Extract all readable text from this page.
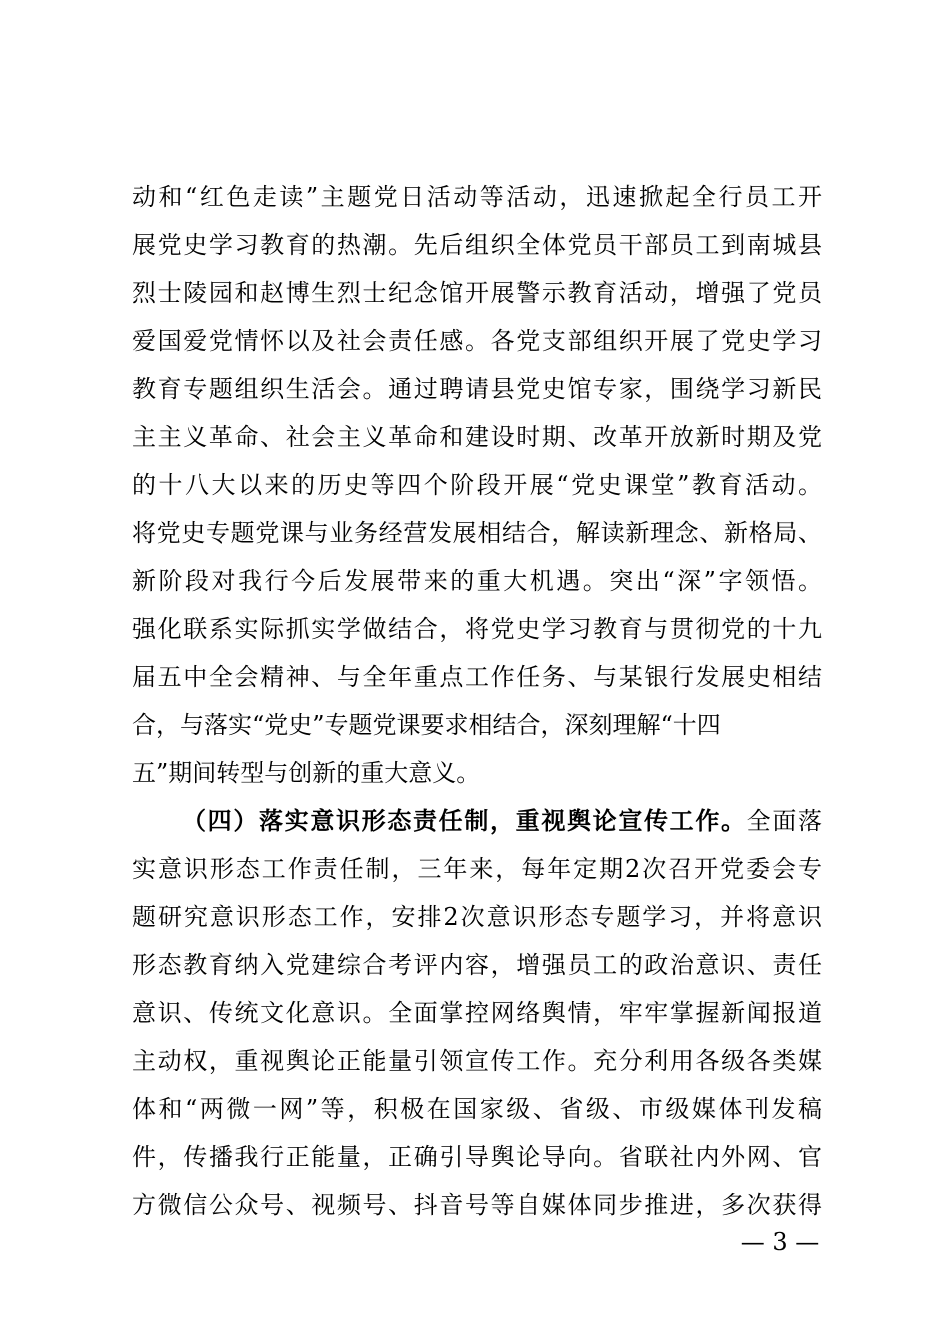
动和“红色走读”主题党日活动等活动，迅速掀起全行员工开
展党史学习教育的热潮。先后组织全体党员干部员工到南城县
烈士陵园和赵博生烈士纪念馆开展警示教育活动，增强了党员
爱国爱党情怀以及社会责任感。各党支部组织开展了党史学习
教育专题组织生活会。通过聘请县党史馆专家，围绕学习新民
主主义革命、社会主义革命和建设时期、改革开放新时期及党
的十八大以来的历史等四个阶段开展“党史课堂”教育活动。
将党史专题党课与业务经营发展相结合，解读新理念、新格局、
新阶段对我行今后发展带来的重大机遇。突出“深”字领悟。
强化联系实际抓实学做结合，将党史学习教育与贯彻党的十九
届五中全会精神、与全年重点工作任务、与某银行发展史相结
合，与落实“党史”专题党课要求相结合，深刻理解“十四
五”期间转型与创新的重大意义。
（四）落实意识形态责任制，重视舆论宣传工作。全面落
实意识形态工作责任制，三年来，每年定期2次召开党委会专
题研究意识形态工作，安排2次意识形态专题学习，并将意识
形态教育纳入党建综合考评内容，增强员工的政治意识、责任
意识、传统文化意识。全面掌控网络舆情，牢牢掌握新闻报道
主动权，重视舆论正能量引领宣传工作。充分利用各级各类媒
体和“两微一网”等，积极在国家级、省级、市级媒体刊发稿
件，传播我行正能量，正确引导舆论导向。省联社内外网、官
方微信公众号、视频号、抖音号等自媒体同步推进，多次获得
— 3 —
